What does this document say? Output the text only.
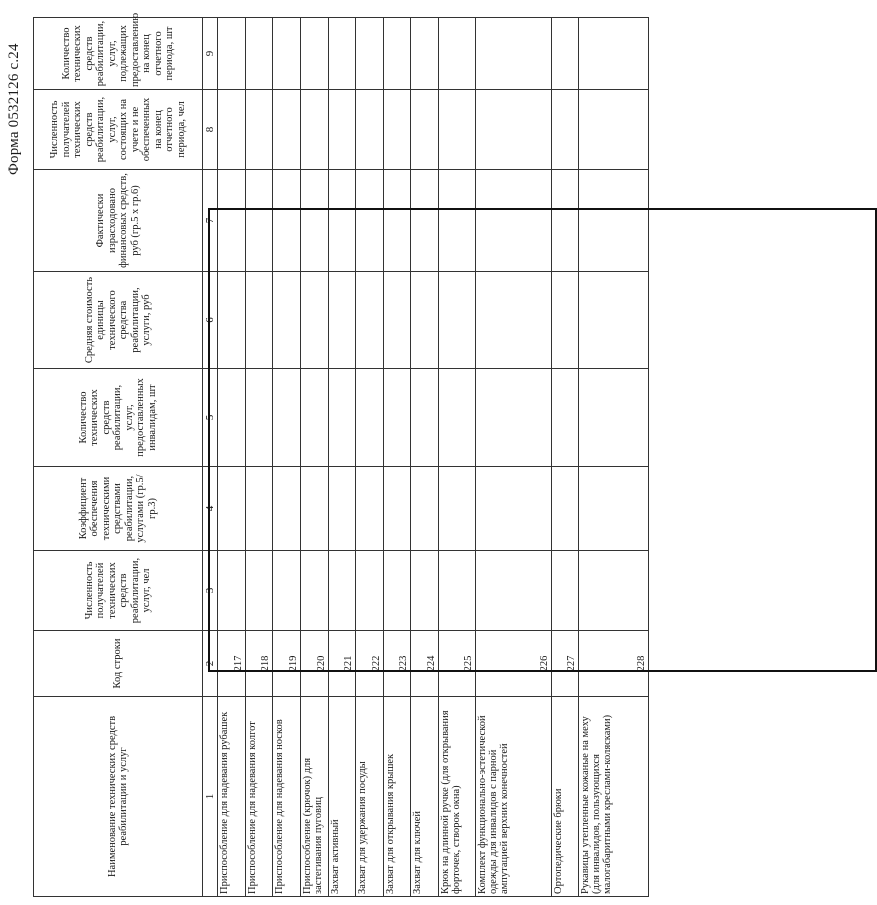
Форма 0532126 с.24
Наименование технических средств реабилитации и услуг	Код строки	Численность получателей технических средств реабилитации, услуг, чел	Коэффициент обеспечения техническими средствами реабилитации, услугами (гр.5/гр.3)	Количество технических средств реабилитации, услуг, предоставленных инвалидам, шт	Средняя стоимость единицы технического средства реабилитации, услуги, руб	Фактически израсходовано финансовых средств, руб (гр.5 х гр.6)	Численность получателей технических средств реабилитации, услуг, состоящих на учете и не обеспеченных на конец отчетного периода, чел	Количество технических средств реабилитации, услуг, подлежащих предоставлению на конец отчетного периода, шт
1	2	3	4	5	6	7	8	9
Приспособление для надевания рубашек	217							
Приспособление для надевания колгот	218							
Приспособление для надевания носков	219							
Приспособление (крючок) для застегивания пуговиц	220							
Захват активный	221							
Захват для удержания посуды	222							
Захват для открывания крышек	223							
Захват для ключей	224							
Крюк на длинной ручке (для открывания форточек, створок окна)	225							
Комплект функционально-эстетической одежды для инвалидов с парной ампутацией верхних конечностей	226							
Ортопедические брюки	227							
Рукавицы утепленные кожаные на меху (для инвалидов, пользующихся малогабаритными креслами-колясками)	228							
